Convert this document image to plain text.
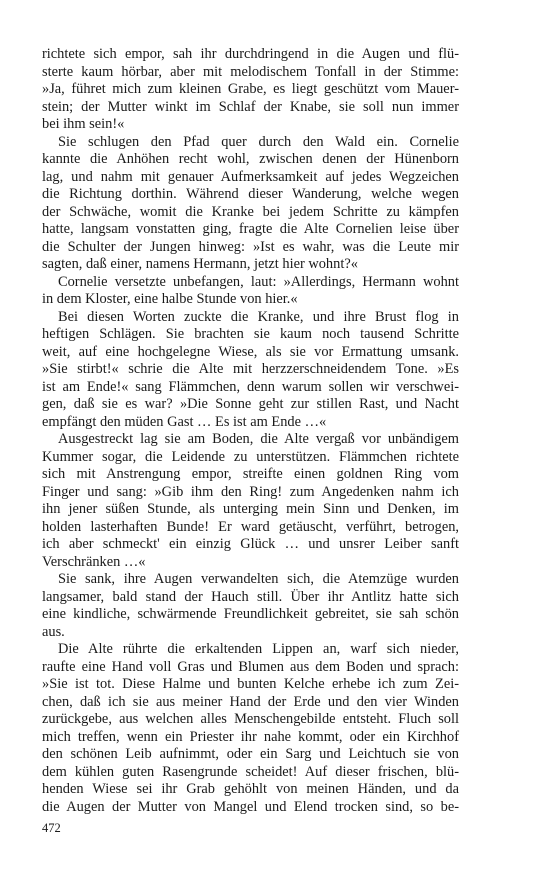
richtete sich empor, sah ihr durchdringend in die Augen und flü-
sterte kaum hörbar, aber mit melodischem Tonfall in der Stimme:
»Ja, führet mich zum kleinen Grabe, es liegt geschützt vom Mauer-
stein; der Mutter winkt im Schlaf der Knabe, sie soll nun immer
bei ihm sein!«
Sie schlugen den Pfad quer durch den Wald ein. Cornelie
kannte die Anhöhen recht wohl, zwischen denen der Hünenborn
lag, und nahm mit genauer Aufmerksamkeit auf jedes Wegzeichen
die Richtung dorthin. Während dieser Wanderung, welche wegen
der Schwäche, womit die Kranke bei jedem Schritte zu kämpfen
hatte, langsam vonstatten ging, fragte die Alte Cornelien leise über
die Schulter der Jungen hinweg: »Ist es wahr, was die Leute mir
sagten, daß einer, namens Hermann, jetzt hier wohnt?«
Cornelie versetzte unbefangen, laut: »Allerdings, Hermann wohnt
in dem Kloster, eine halbe Stunde von hier.«
Bei diesen Worten zuckte die Kranke, und ihre Brust flog in
heftigen Schlägen. Sie brachten sie kaum noch tausend Schritte
weit, auf eine hochgelegne Wiese, als sie vor Ermattung umsank.
»Sie stirbt!« schrie die Alte mit herzzerschneidendem Tone. »Es
ist am Ende!« sang Flämmchen, denn warum sollen wir verschwei-
gen, daß sie es war? »Die Sonne geht zur stillen Rast, und Nacht
empfängt den müden Gast … Es ist am Ende …«
Ausgestreckt lag sie am Boden, die Alte vergaß vor unbändigem
Kummer sogar, die Leidende zu unterstützen. Flämmchen richtete
sich mit Anstrengung empor, streifte einen goldnen Ring vom
Finger und sang: »Gib ihm den Ring! zum Angedenken nahm ich
ihn jener süßen Stunde, als unterging mein Sinn und Denken, im
holden lasterhaften Bunde! Er ward getäuscht, verführt, betrogen,
ich aber schmeckt' ein einzig Glück … und unsrer Leiber sanft
Verschränken …«
Sie sank, ihre Augen verwandelten sich, die Atemzüge wurden
langsamer, bald stand der Hauch still. Über ihr Antlitz hatte sich
eine kindliche, schwärmende Freundlichkeit gebreitet, sie sah schön
aus.
Die Alte rührte die erkaltenden Lippen an, warf sich nieder,
raufte eine Hand voll Gras und Blumen aus dem Boden und sprach:
»Sie ist tot. Diese Halme und bunten Kelche erhebe ich zum Zei-
chen, daß ich sie aus meiner Hand der Erde und den vier Winden
zurückgebe, aus welchen alles Menschengebilde entsteht. Fluch soll
mich treffen, wenn ein Priester ihr nahe kommt, oder ein Kirchhof
den schönen Leib aufnimmt, oder ein Sarg und Leichtuch sie von
dem kühlen guten Rasengrunde scheidet! Auf dieser frischen, blü-
henden Wiese sei ihr Grab gehöhlt von meinen Händen, und da
die Augen der Mutter von Mangel und Elend trocken sind, so be-
472
